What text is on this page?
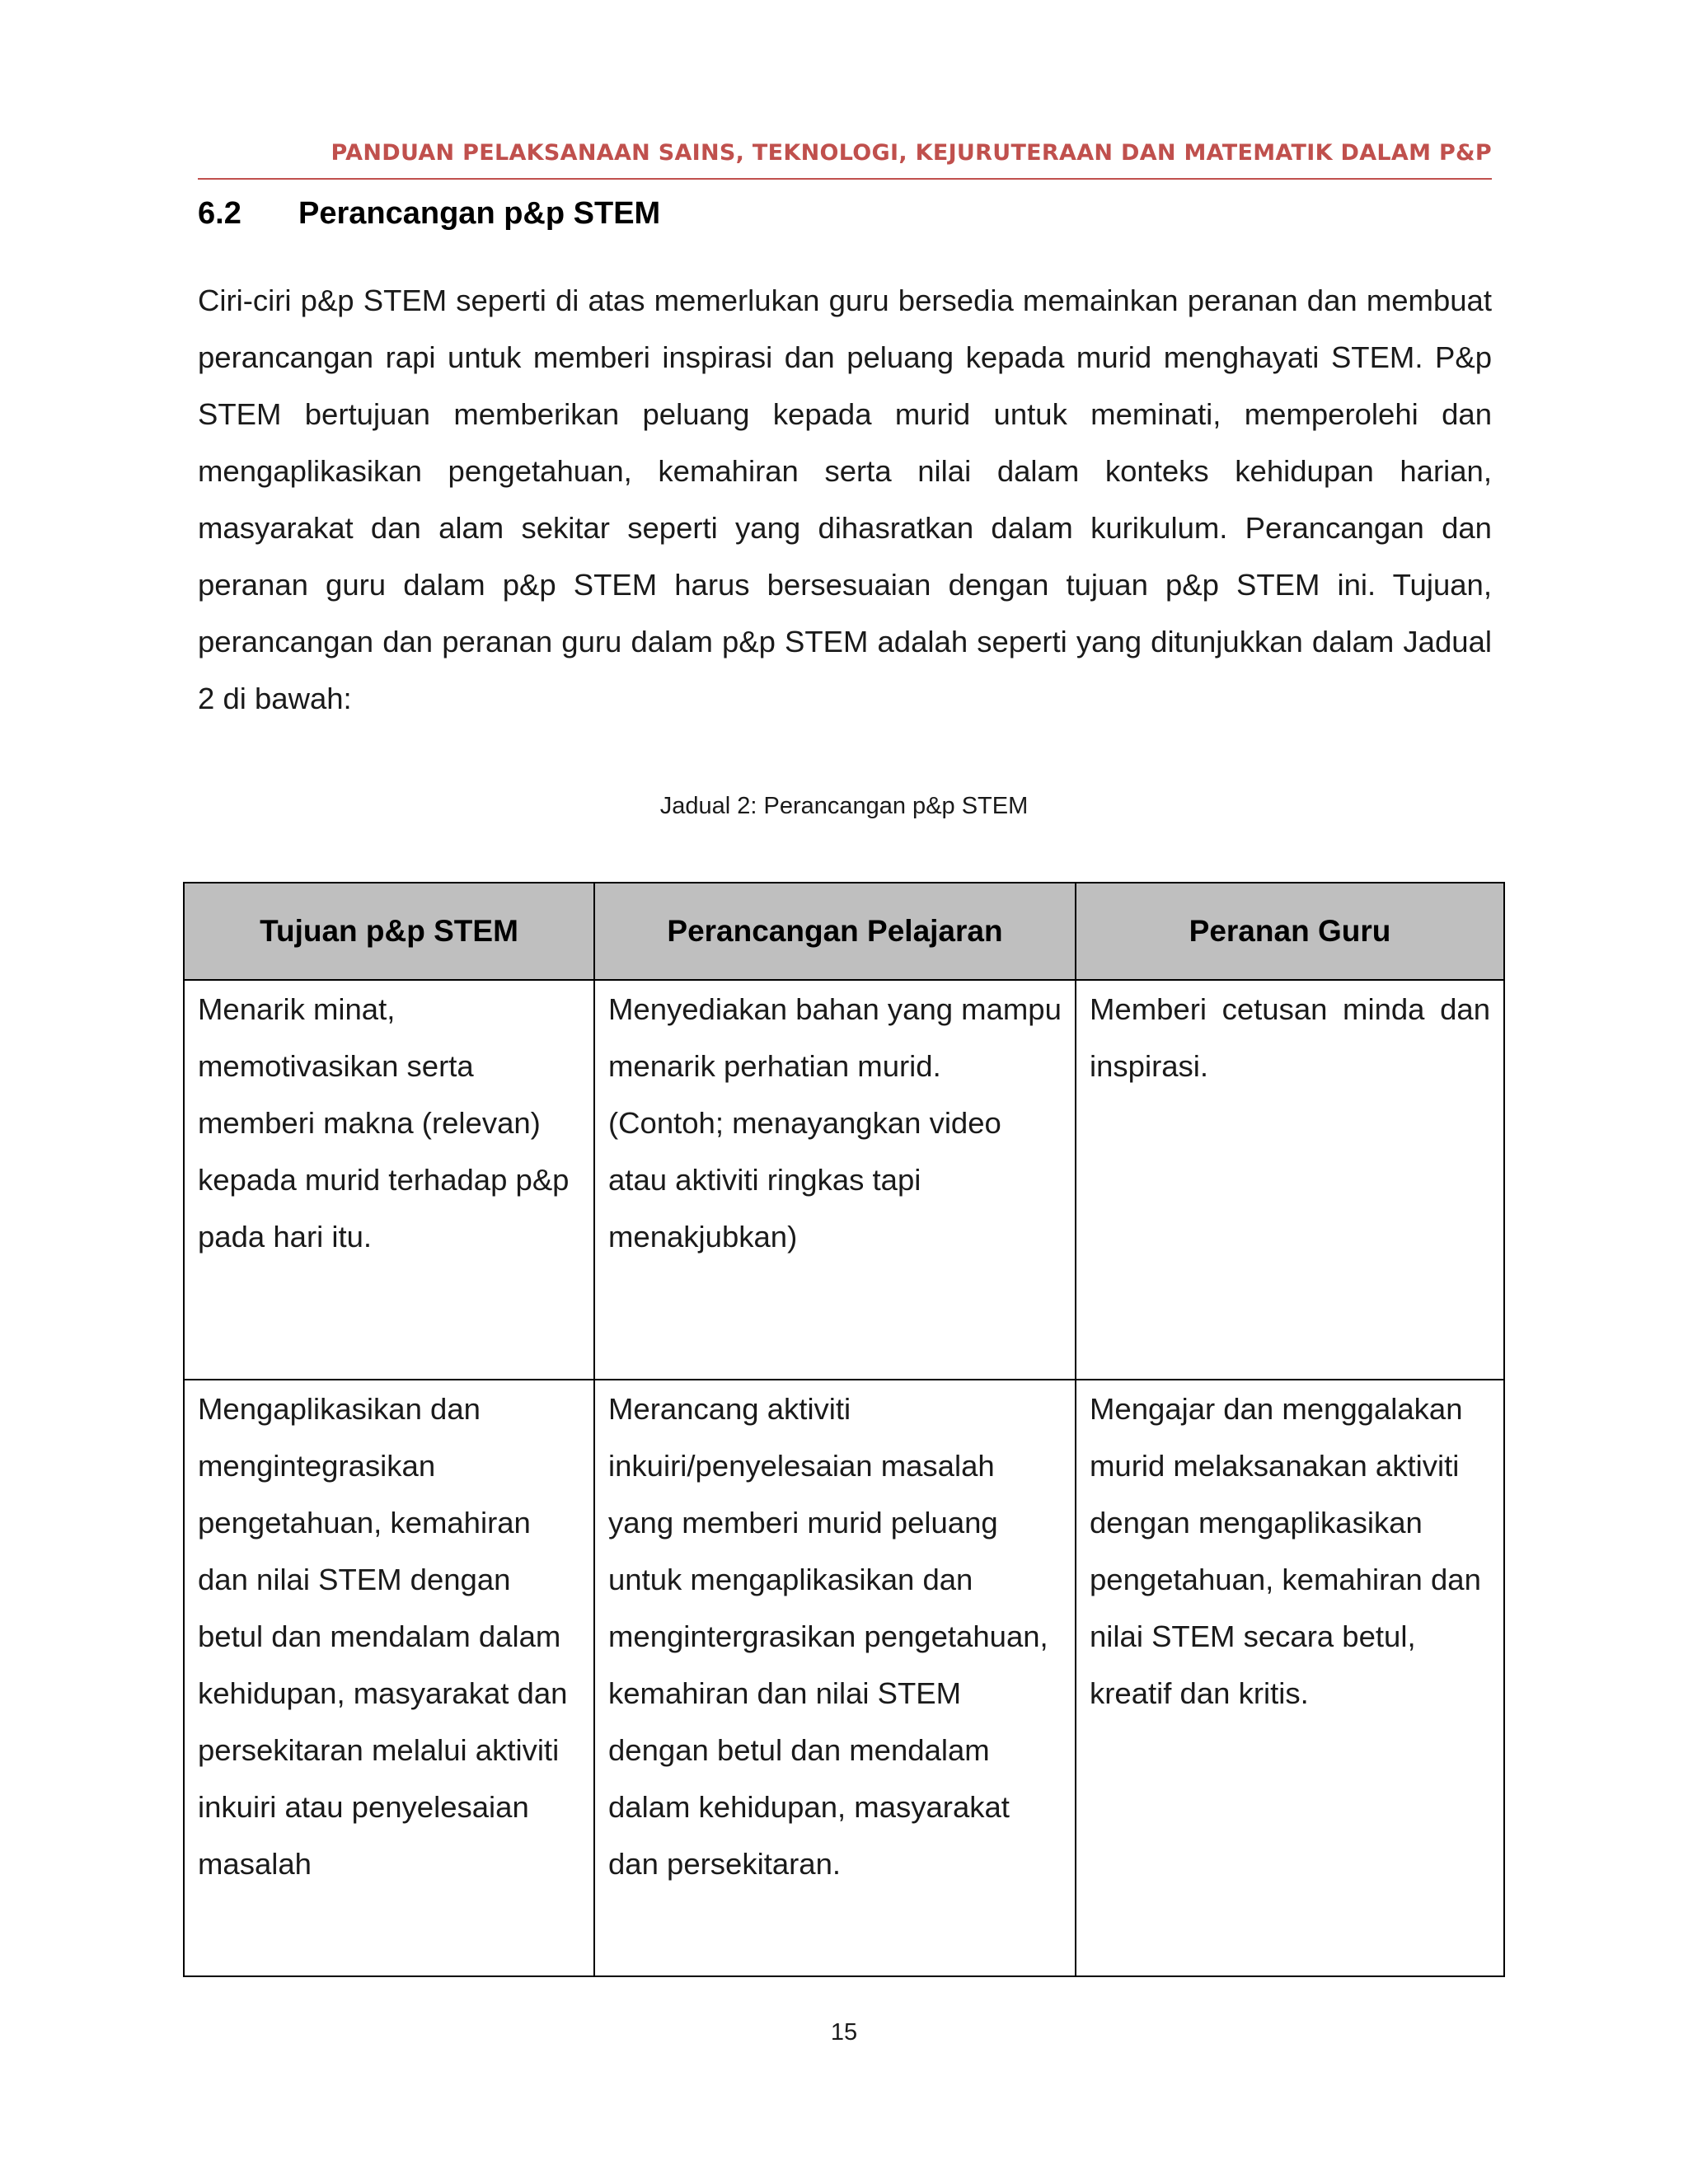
PANDUAN PELAKSANAAN SAINS, TEKNOLOGI, KEJURUTERAAN DAN MATEMATIK DALAM P&P
6.2 Perancangan p&p STEM

Ciri-ciri p&p STEM seperti di atas memerlukan guru bersedia memainkan peranan dan membuat perancangan rapi untuk memberi inspirasi dan peluang kepada murid menghayati STEM. P&p STEM bertujuan memberikan peluang kepada murid untuk meminati, memperolehi dan mengaplikasikan pengetahuan, kemahiran serta nilai dalam konteks kehidupan harian, masyarakat dan alam sekitar seperti yang dihasratkan dalam kurikulum. Perancangan dan peranan guru dalam p&p STEM harus bersesuaian dengan tujuan p&p STEM ini. Tujuan, perancangan dan peranan guru dalam p&p STEM adalah seperti yang ditunjukkan dalam Jadual 2 di bawah:

Jadual 2: Perancangan p&p STEM
Tujuan p&p STEM	Perancangan Pelajaran	Peranan Guru
Menarik minat, memotivasikan serta memberi makna (relevan) kepada murid terhadap p&p pada hari itu.	Menyediakan bahan yang mampu menarik perhatian murid. (Contoh; menayangkan video atau aktiviti ringkas tapi menakjubkan)	Memberi cetusan minda dan inspirasi.
Mengaplikasikan dan mengintegrasikan pengetahuan, kemahiran dan nilai STEM dengan betul dan mendalam dalam kehidupan, masyarakat dan persekitaran melalui aktiviti inkuiri atau penyelesaian masalah	Merancang aktiviti inkuiri/penyelesaian masalah yang memberi murid peluang untuk mengaplikasikan dan mengintergrasikan pengetahuan, kemahiran dan nilai STEM dengan betul dan mendalam dalam kehidupan, masyarakat dan persekitaran.	Mengajar dan menggalakan murid melaksanakan aktiviti dengan mengaplikasikan pengetahuan, kemahiran dan nilai STEM secara betul, kreatif dan kritis.
15
